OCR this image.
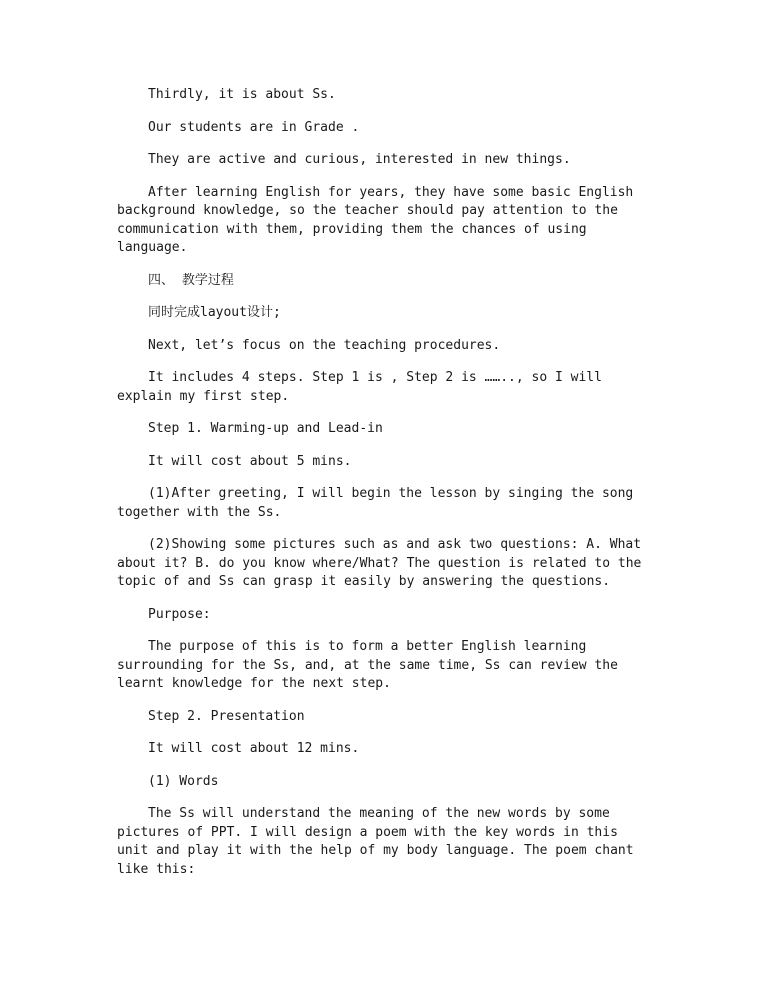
Thirdly, it is about Ss.

Our students are in Grade .

They are active and curious, interested in new things.

After learning English for years, they have some basic English background knowledge, so the teacher should pay attention to the communication with them, providing them the chances of using language.

四、 教学过程

同时完成layout设计;

Next, let’s focus on the teaching procedures.

It includes 4 steps. Step 1 is , Step 2 is …….., so I will explain my first step.

Step 1. Warming-up and Lead-in

It will cost about 5 mins.

(1)After greeting, I will begin the lesson by singing the song together with the Ss.

(2)Showing some pictures such as and ask two questions: A. What about it? B. do you know where/What? The question is related to the topic of and Ss can grasp it easily by answering the questions.

Purpose:

The purpose of this is to form a better English learning surrounding for the Ss, and, at the same time, Ss can review the learnt knowledge for the next step.

Step 2. Presentation

It will cost about 12 mins.

(1) Words

The Ss will understand the meaning of the new words by some pictures of PPT. I will design a poem with the key words in this unit and play it with the help of my body language. The poem chant like this:
